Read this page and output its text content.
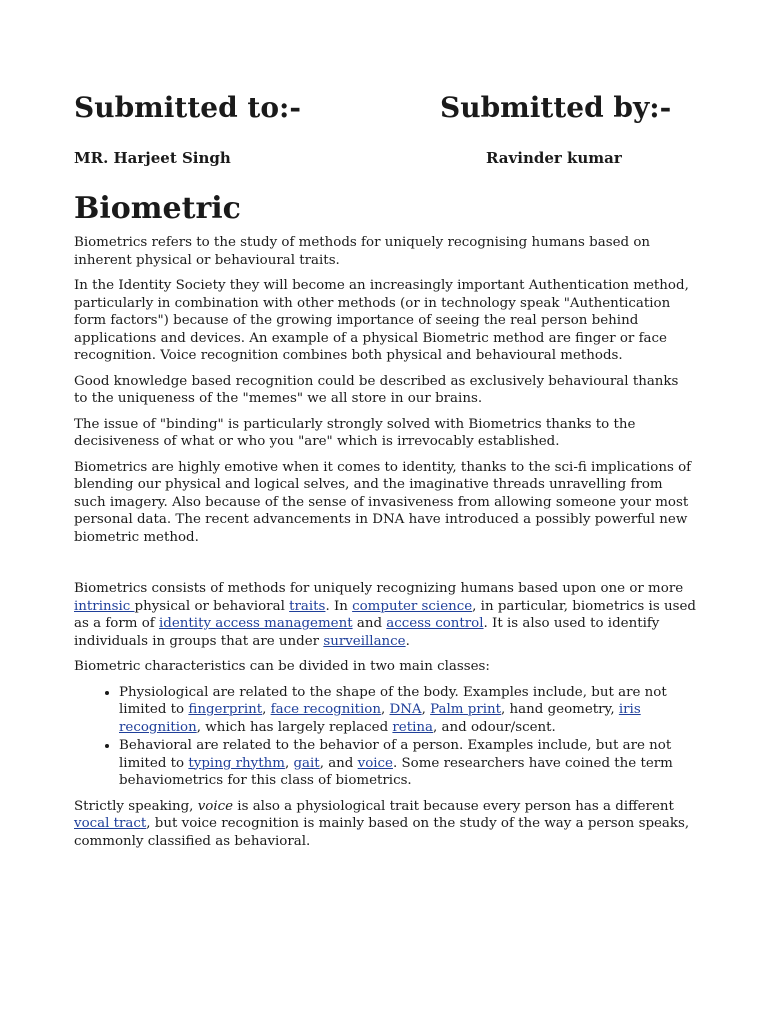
Submitted to:-	Submitted by:-
MR. Harjeet Singh	Ravinder kumar
Biometric

Biometrics refers to the study of methods for uniquely recognising humans based on inherent physical or behavioural traits.

In the Identity Society they will become an increasingly important Authentication method, particularly in combination with other methods (or in technology speak "Authentication form factors") because of the growing importance of seeing the real person behind applications and devices. An example of a physical Biometric method are finger or face recognition. Voice recognition combines both physical and behavioural methods.

Good knowledge based recognition could be described as exclusively behavioural thanks to the uniqueness of the "memes" we all store in our brains.

The issue of "binding" is particularly strongly solved with Biometrics thanks to the decisiveness of what or who you "are" which is irrevocably established.

Biometrics are highly emotive when it comes to identity, thanks to the sci-fi implications of blending our physical and logical selves, and the imaginative threads unravelling from such imagery. Also because of the sense of invasiveness from allowing someone your most personal data. The recent advancements in DNA have introduced a possibly powerful new biometric method.

Biometrics consists of methods for uniquely recognizing humans based upon one or more intrinsic physical or behavioral traits. In computer science, in particular, biometrics is used as a form of identity access management and access control. It is also used to identify individuals in groups that are under surveillance.

Biometric characteristics can be divided in two main classes:

• Physiological are related to the shape of the body. Examples include, but are not limited to fingerprint, face recognition, DNA, Palm print, hand geometry, iris recognition, which has largely replaced retina, and odour/scent.
• Behavioral are related to the behavior of a person. Examples include, but are not limited to typing rhythm, gait, and voice. Some researchers have coined the term behaviometrics for this class of biometrics.

Strictly speaking, voice is also a physiological trait because every person has a different vocal tract, but voice recognition is mainly based on the study of the way a person speaks, commonly classified as behavioral.
